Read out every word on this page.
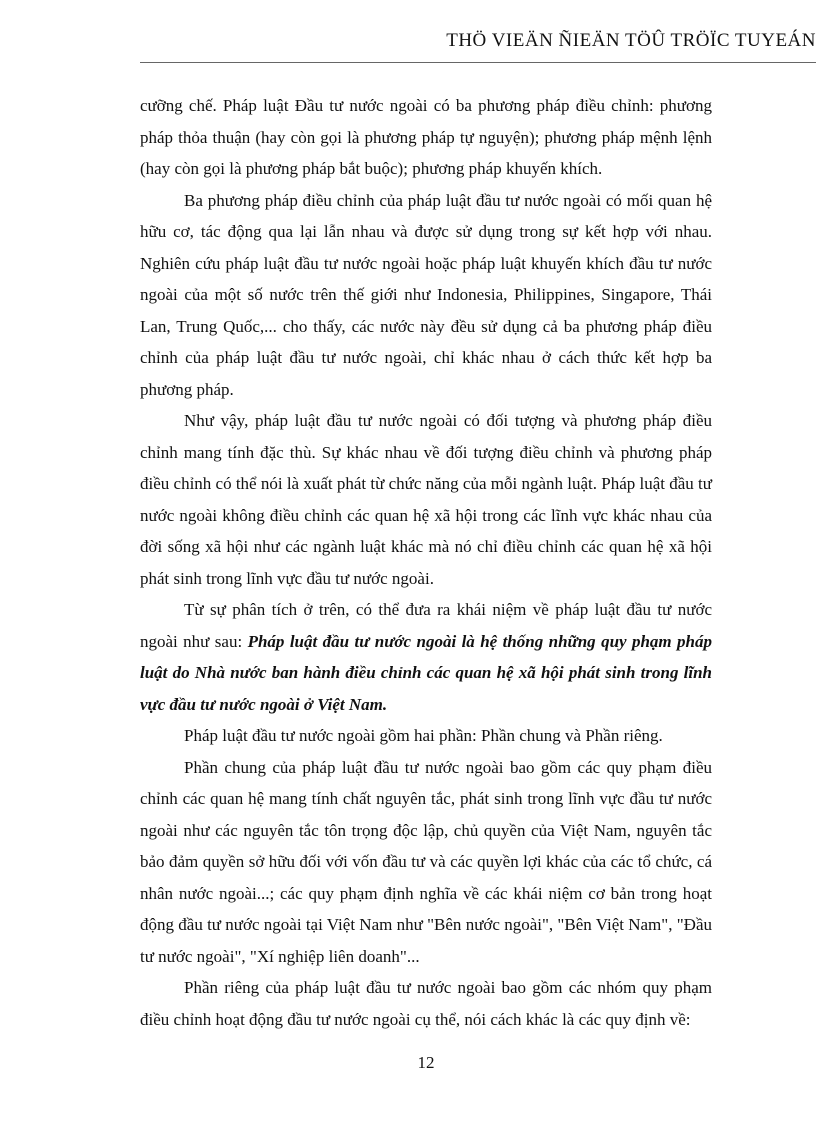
THÖ VIEÄN ÑIEÄN TÖÛ TRÖÏC TUYEÁN

cưỡng chế. Pháp luật Đầu tư nước ngoài có ba phương pháp điều chỉnh: phương pháp thỏa thuận (hay còn gọi là phương pháp tự nguyện); phương pháp mệnh lệnh (hay còn gọi là phương pháp bắt buộc); phương pháp khuyến khích.

Ba phương pháp điều chỉnh của pháp luật đầu tư nước ngoài có mối quan hệ hữu cơ, tác động qua lại lẫn nhau và được sử dụng trong sự kết hợp với nhau. Nghiên cứu pháp luật đầu tư nước ngoài hoặc pháp luật khuyến khích đầu tư nước ngoài của một số nước trên thế giới như Indonesia, Philippines, Singapore, Thái Lan, Trung Quốc,... cho thấy, các nước này đều sử dụng cả ba phương pháp điều chỉnh của pháp luật đầu tư nước ngoài, chỉ khác nhau ở cách thức kết hợp ba phương pháp.

Như vậy, pháp luật đầu tư nước ngoài có đối tượng và phương pháp điều chỉnh mang tính đặc thù. Sự khác nhau về đối tượng điều chỉnh và phương pháp điều chỉnh có thể nói là xuất phát từ chức năng của mỗi ngành luật. Pháp luật đầu tư nước ngoài không điều chỉnh các quan hệ xã hội trong các lĩnh vực khác nhau của đời sống xã hội như các ngành luật khác mà nó chỉ điều chỉnh các quan hệ xã hội phát sinh trong lĩnh vực đầu tư nước ngoài.

Từ sự phân tích ở trên, có thể đưa ra khái niệm về pháp luật đầu tư nước ngoài như sau: Pháp luật đầu tư nước ngoài là hệ thống những quy phạm pháp luật do Nhà nước ban hành điều chỉnh các quan hệ xã hội phát sinh trong lĩnh vực đầu tư nước ngoài ở Việt Nam.

Pháp luật đầu tư nước ngoài gồm hai phần: Phần chung và Phần riêng.

Phần chung của pháp luật đầu tư nước ngoài bao gồm các quy phạm điều chỉnh các quan hệ mang tính chất nguyên tắc, phát sinh trong lĩnh vực đầu tư nước ngoài như các nguyên tắc tôn trọng độc lập, chủ quyền của Việt Nam, nguyên tắc bảo đảm quyền sở hữu đối với vốn đầu tư và các quyền lợi khác của các tổ chức, cá nhân nước ngoài...; các quy phạm định nghĩa về các khái niệm cơ bản trong hoạt động đầu tư nước ngoài tại Việt Nam như "Bên nước ngoài", "Bên Việt Nam", "Đầu tư nước ngoài", "Xí nghiệp liên doanh"...

Phần riêng của pháp luật đầu tư nước ngoài bao gồm các nhóm quy phạm điều chỉnh hoạt động đầu tư nước ngoài cụ thể, nói cách khác là các quy định về:

12
